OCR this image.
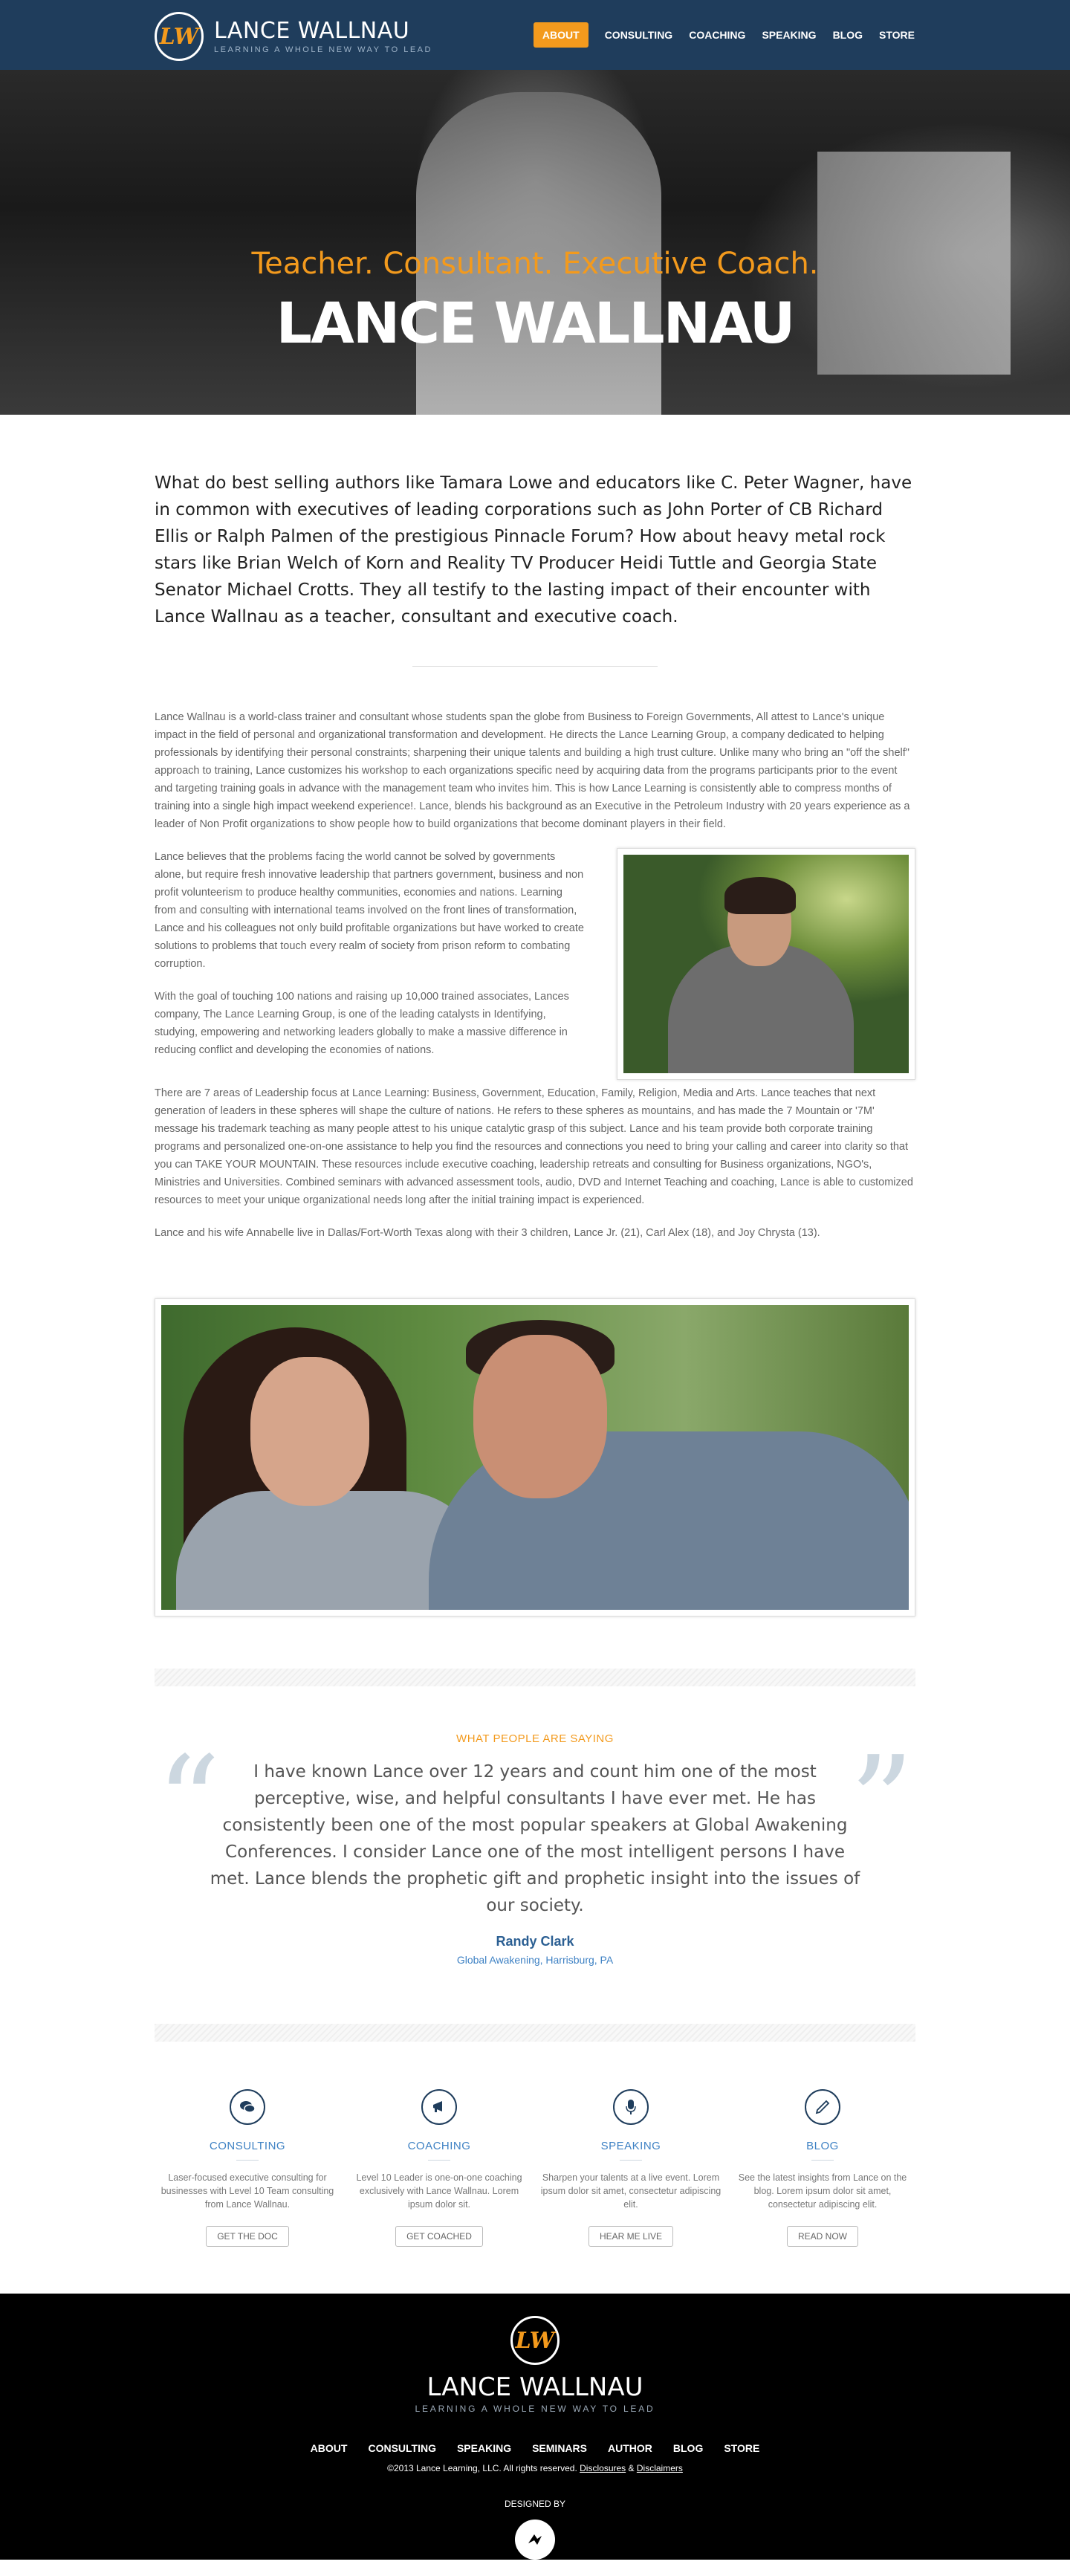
LW LANCE WALLNAU
LEARNING A WHOLE NEW WAY TO LEAD
ABOUT	CONSULTING COACHING SPEAKING BLOG STORE
Teacher. Consultant. Executive Coach.
LANCE WALLNAU

What do best selling authors like Tamara Lowe and educators like C. Peter Wagner, have in common with executives of leading corporations such as John Porter of CB Richard Ellis or Ralph Palmen of the prestigious Pinnacle Forum? How about heavy metal rock stars like Brian Welch of Korn and Reality TV Producer Heidi Tuttle and Georgia State Senator Michael Crotts. They all testify to the lasting impact of their encounter with Lance Wallnau as a teacher, consultant and executive coach.

Lance Wallnau is a world-class trainer and consultant whose students span the globe from Business to Foreign Governments, All attest to Lance's unique impact in the field of personal and organizational transformation and development. He directs the Lance Learning Group, a company dedicated to helping professionals by identifying their personal constraints; sharpening their unique talents and building a high trust culture. Unlike many who bring an "off the shelf" approach to training, Lance customizes his workshop to each organizations specific need by acquiring data from the programs participants prior to the event and targeting training goals in advance with the management team who invites him. This is how Lance Learning is consistently able to compress months of training into a single high impact weekend experience!. Lance, blends his background as an Executive in the Petroleum Industry with 20 years experience as a leader of Non Profit organizations to show people how to build organizations that become dominant players in their field.

Lance believes that the problems facing the world cannot be solved by governments alone, but require fresh innovative leadership that partners government, business and non profit volunteerism to produce healthy communities, economies and nations. Learning from and consulting with international teams involved on the front lines of transformation, Lance and his colleagues not only build profitable organizations but have worked to create solutions to problems that touch every realm of society from prison reform to combating corruption.

With the goal of touching 100 nations and raising up 10,000 trained associates, Lances company, The Lance Learning Group, is one of the leading catalysts in Identifying, studying, empowering and networking leaders globally to make a massive difference in reducing conflict and developing the economies of nations.

There are 7 areas of Leadership focus at Lance Learning: Business, Government, Education, Family, Religion, Media and Arts. Lance teaches that next generation of leaders in these spheres will shape the culture of nations. He refers to these spheres as mountains, and has made the 7 Mountain or '7M' message his trademark teaching as many people attest to his unique catalytic grasp of this subject. Lance and his team provide both corporate training programs and personalized one-on-one assistance to help you find the resources and connections you need to bring your calling and career into clarity so that you can TAKE YOUR MOUNTAIN. These resources include executive coaching, leadership retreats and consulting for Business organizations, NGO's, Ministries and Universities. Combined seminars with advanced assessment tools, audio, DVD and Internet Teaching and coaching, Lance is able to customized resources to meet your unique organizational needs long after the initial training impact is experienced.

Lance and his wife Annabelle live in Dallas/Fort-Worth Texas along with their 3 children, Lance Jr. (21), Carl Alex (18), and Joy Chrysta (13).

WHAT PEOPLE ARE SAYING
“	”

I have known Lance over 12 years and count him one of the most perceptive, wise, and helpful consultants I have ever met. He has consistently been one of the most popular speakers at Global Awakening Conferences. I consider Lance one of the most intelligent persons I have met. Lance blends the prophetic gift and prophetic insight into the issues of our society.

Randy Clark
Global Awakening, Harrisburg, PA
CONSULTING
Laser-focused executive consulting for businesses with Level 10 Team consulting from Lance Wallnau.
GET THE DOC
COACHING
Level 10 Leader is one-on-one coaching exclusively with Lance Wallnau. Lorem ipsum dolor sit.
GET COACHED
SPEAKING
Sharpen your talents at a live event. Lorem ipsum dolor sit amet, consectetur adipiscing elit.
HEAR ME LIVE
BLOG
See the latest insights from Lance on the blog. Lorem ipsum dolor sit amet, consectetur adipiscing elit.
READ NOW
LW
LANCE WALLNAU
LEARNING A WHOLE NEW WAY TO LEAD
ABOUT CONSULTING SPEAKING SEMINARS AUTHOR BLOG STORE
©2013 Lance Learning, LLC. All rights reserved. Disclosures & Disclaimers
DESIGNED BY
